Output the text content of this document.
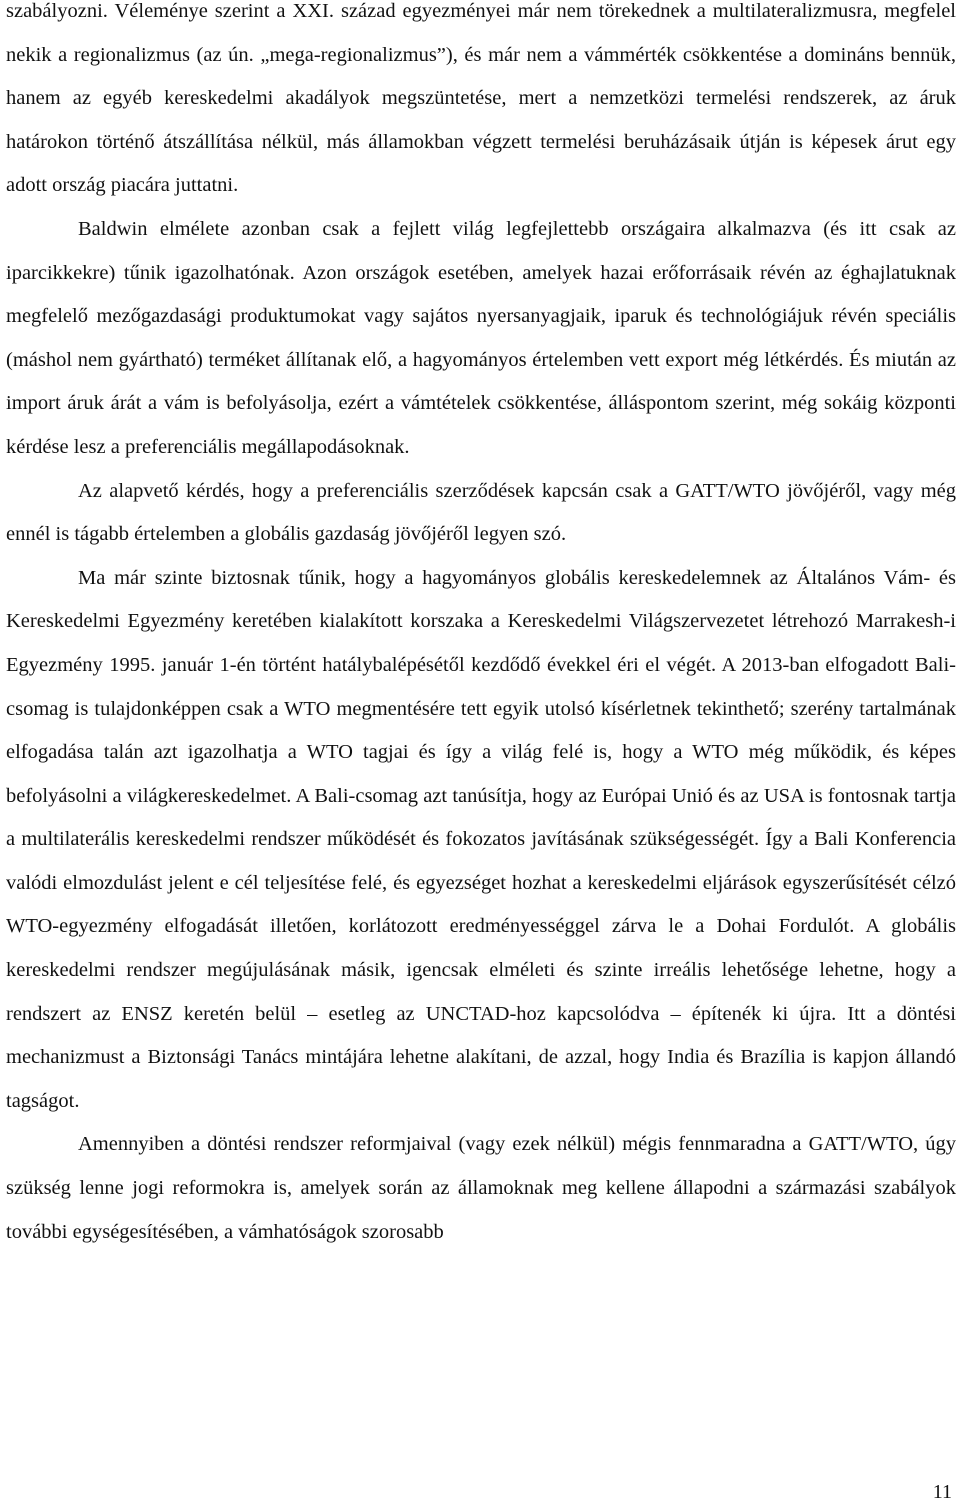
szabályozni. Véleménye szerint a XXI. század egyezményei már nem törekednek a multilateralizmusra, megfelel nekik a regionalizmus (az ún. „mega-regionalizmus”), és már nem a vámmérték csökkentése a domináns bennük, hanem az egyéb kereskedelmi akadályok megszüntetése, mert a nemzetközi termelési rendszerek, az áruk határokon történő átszállítása nélkül, más államokban végzett termelési beruházásaik útján is képesek árut egy adott ország piacára juttatni.

Baldwin elmélete azonban csak a fejlett világ legfejlettebb országaira alkalmazva (és itt csak az iparcikkekre) tűnik igazolhatónak. Azon országok esetében, amelyek hazai erőforrásaik révén az éghajlatuknak megfelelő mezőgazdasági produktumokat vagy sajátos nyersanyagjaik, iparuk és technológiájuk révén speciális (máshol nem gyártható) terméket állítanak elő, a hagyományos értelemben vett export még létkérdés. És miután az import áruk árát a vám is befolyásolja, ezért a vámtételek csökkentése, álláspontom szerint, még sokáig központi kérdése lesz a preferenciális megállapodásoknak.

Az alapvető kérdés, hogy a preferenciális szerződések kapcsán csak a GATT/WTO jövőjéről, vagy még ennél is tágabb értelemben a globális gazdaság jövőjéről legyen szó.

Ma már szinte biztosnak tűnik, hogy a hagyományos globális kereskedelemnek az Általános Vám- és Kereskedelmi Egyezmény keretében kialakított korszaka a Kereskedelmi Világszervezetet létrehozó Marrakesh-i Egyezmény 1995. január 1-én történt hatálybalépésétől kezdődő évekkel éri el végét. A 2013-ban elfogadott Bali-csomag is tulajdonképpen csak a WTO megmentésére tett egyik utolsó kísérletnek tekinthető; szerény tartalmának elfogadása talán azt igazolhatja a WTO tagjai és így a világ felé is, hogy a WTO még működik, és képes befolyásolni a világkereskedelmet. A Bali-csomag azt tanúsítja, hogy az Európai Unió és az USA is fontosnak tartja a multilaterális kereskedelmi rendszer működését és fokozatos javításának szükségességét. Így a Bali Konferencia valódi elmozdulást jelent e cél teljesítése felé, és egyezséget hozhat a kereskedelmi eljárások egyszerűsítését célzó WTO-egyezmény elfogadását illetően, korlátozott eredményességgel zárva le a Dohai Fordulót. A globális kereskedelmi rendszer megújulásának másik, igencsak elméleti és szinte irreális lehetősége lehetne, hogy a rendszert az ENSZ keretén belül – esetleg az UNCTAD-hoz kapcsolódva – építenék ki újra. Itt a döntési mechanizmust a Biztonsági Tanács mintájára lehetne alakítani, de azzal, hogy India és Brazília is kapjon állandó tagságot.

Amennyiben a döntési rendszer reformjaival (vagy ezek nélkül) mégis fennmaradna a GATT/WTO, úgy szükség lenne jogi reformokra is, amelyek során az államoknak meg kellene állapodni a származási szabályok további egységesítésében, a vámhatóságok szorosabb

11
